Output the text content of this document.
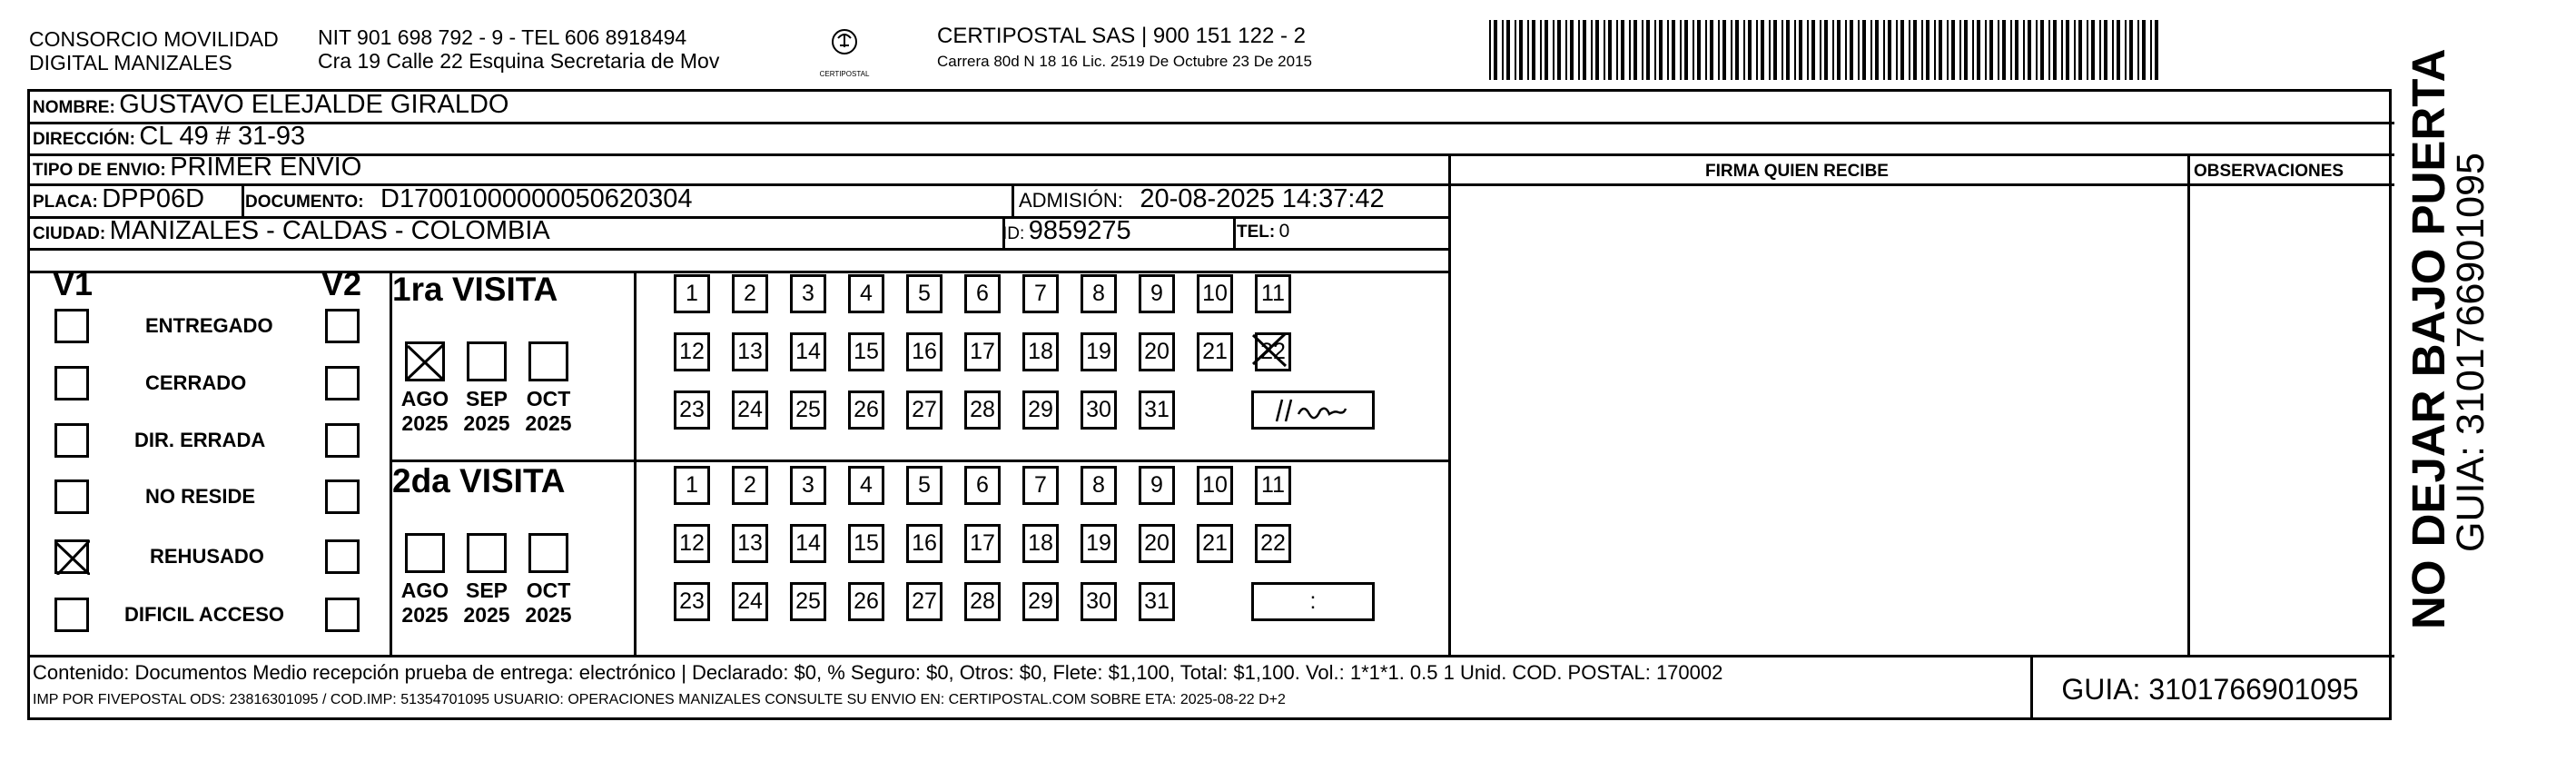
CONSORCIO MOVILIDAD
DIGITAL MANIZALES
NIT 901 698 792 - 9 - TEL 606 8918494
Cra 19 Calle 22 Esquina Secretaria de Mov
CERTIPOSTAL
CERTIPOSTAL SAS | 900 151 122 - 2
Carrera 80d N 18 16 Lic. 2519 De Octubre 23 De 2015
NOMBRE: GUSTAVO ELEJALDE GIRALDO
DIRECCIÓN: CL 49 # 31-93
TIPO DE ENVIO: PRIMER ENVIO	FIRMA QUIEN RECIBE	OBSERVACIONES
PLACA: DPP06D DOCUMENTO: D17001000000050620304	ADMISIÓN: 20-08-2025 14:37:42
CIUDAD: MANIZALES - CALDAS - COLOMBIA	ID: 9859275	TEL: 0
V1	V2
ENTREGADO
CERRADO
DIR. ERRADA
NO RESIDE
REHUSADO
DIFICIL ACCESO
1ra VISITA
AGO
2025
SEP
2025
OCT
2025
1	2	3	4	5	6	7	8	9	10 11
12 13 14 15 16 17 18 19 20 21 22
23 24 25 26 27 28 29 30 31
2da VISITA
AGO
2025
SEP
2025
OCT
2025
1	2	3	4	5	6	7	8	9	10 11
12 13 14 15 16 17 18 19 20 21 22
23 24 25 26 27 28 29 30 31	:
Contenido: Documentos Medio recepción prueba de entrega: electrónico | Declarado: $0, % Seguro: $0, Otros: $0, Flete: $1,100, Total: $1,100. Vol.: 1*1*1. 0.5 1 Unid. COD. POSTAL: 170002
IMP POR FIVEPOSTAL ODS: 23816301095 / COD.IMP: 51354701095 USUARIO: OPERACIONES MANIZALES CONSULTE SU ENVIO EN: CERTIPOSTAL.COM SOBRE ETA: 2025-08-22 D+2	GUIA: 3101766901095
NO DEJAR BAJO PUERTA
GUIA: 3101766901095
